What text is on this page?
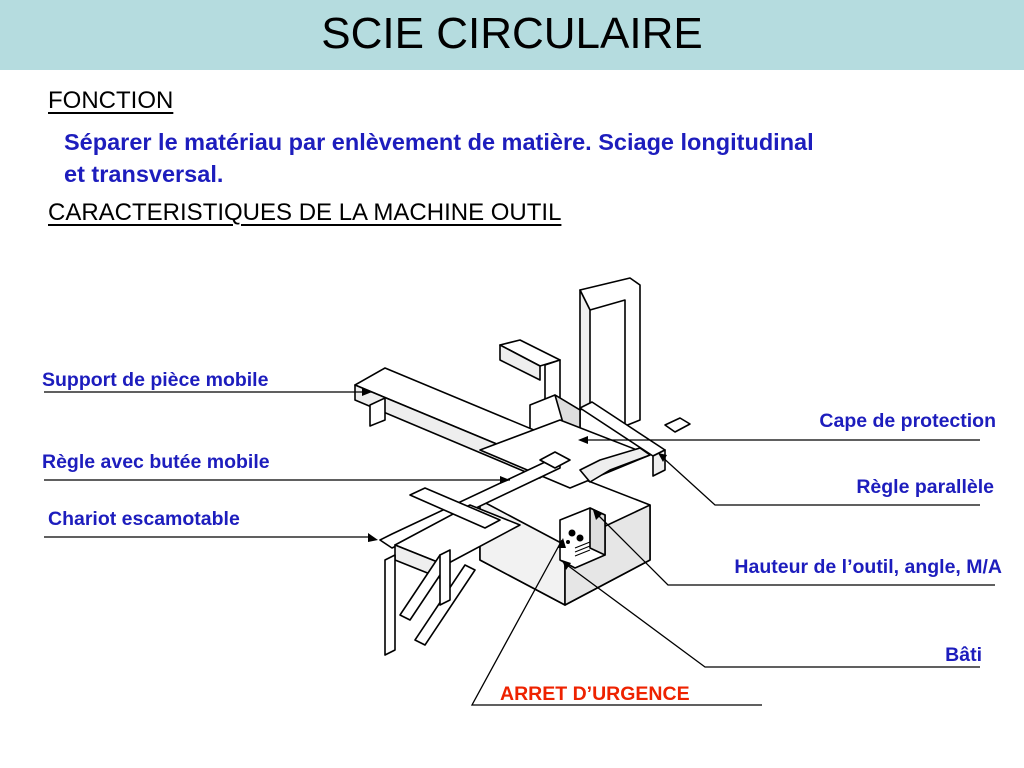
SCIE CIRCULAIRE
FONCTION
Séparer le matériau par enlèvement de matière. Sciage longitudinal
et transversal.
CARACTERISTIQUES DE LA MACHINE OUTIL
Support de pièce mobile
Règle avec butée mobile
Chariot escamotable
Cape de protection
Règle parallèle
Hauteur de l’outil, angle, M/A
Bâti
ARRET D’URGENCE
